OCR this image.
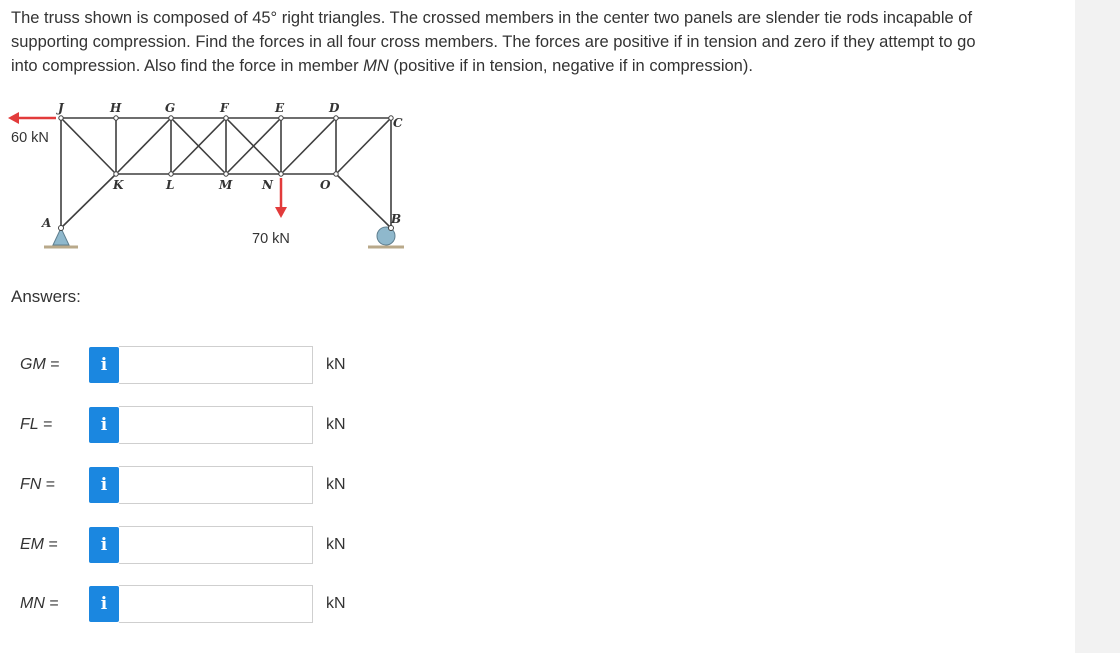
The truss shown is composed of 45° right triangles. The crossed members in the center two panels are slender tie rods incapable of
supporting compression. Find the forces in all four cross members. The forces are positive if in tension and zero if they attempt to go
into compression. Also find the force in member MN (positive if in tension, negative if in compression).
J	H	G	F	E	D
C
K	L	M N	O
A	B
60 kN
70 kN
Answers:
GM =	i	kN
FL =	i	kN
FN =	i	kN
EM =	i	kN
MN =	i	kN
